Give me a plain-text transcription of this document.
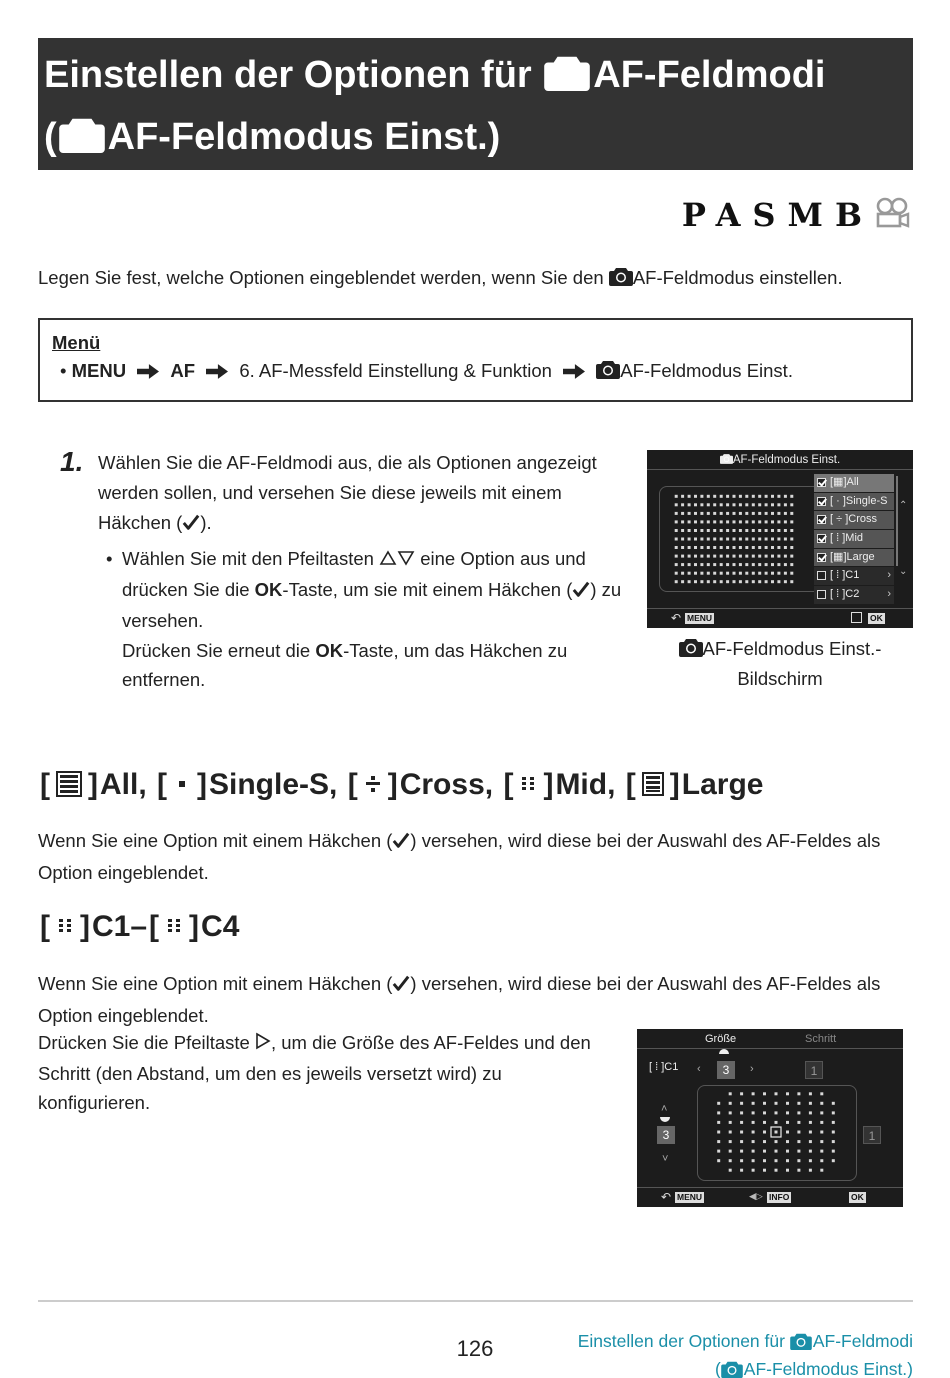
Einstellen der Optionen für AF-Feldmodi
( AF-Feldmodus Einst.)
PASMB
Legen Sie fest, welche Optionen eingeblendet werden, wenn Sie den AF-Feldmodus einstellen.
Menü
• MENU AF 6. AF-Messfeld Einstellung & Funktion	AF-Feldmodus Einst.
1. Wählen Sie die AF-Feldmodi aus, die als Optionen angezeigt werden sollen, und versehen Sie diese jeweils mit einem Häkchen ( ).
• Wählen Sie mit den Pfeiltasten	eine Option aus und drücken Sie die OK-Taste, um sie mit einem Häkchen ( ) zu versehen.
Drücken Sie erneut die OK-Taste, um das Häkchen zu entfernen.
AF-Feldmodus Einst.
[▦]All
[ · ]Single-S
[ ÷ ]Cross
[ ⁞ ]Mid
[▦]Large
[ ⁞ ]C1	›
[ ⁞ ]C2	›
⌃
⌄
↶ MENU	OK
AF-Feldmodus Einst.-
Bildschirm
[ ]All, [ ]Single-S, [ ]Cross, [ ]Mid, [ ]Large
Wenn Sie eine Option mit einem Häkchen ( ) versehen, wird diese bei der Auswahl des AF-Feldes als Option eingeblendet.
[ ]C1–[ ]C4
Wenn Sie eine Option mit einem Häkchen ( ) versehen, wird diese bei der Auswahl des AF-Feldes als Option eingeblendet.
Drücken Sie die Pfeiltaste , um die Größe des AF-Feldes und den Schritt (den Abstand, um den es jeweils versetzt wird) zu konfigurieren.
Größe	Schritt
[ ⁞ ]C1 ‹	3	›	1
˄
3
˅
1
↶ MENU	◀▷ INFO	OK
126	Einstellen der Optionen für AF-Feldmodi
( AF-Feldmodus Einst.)
